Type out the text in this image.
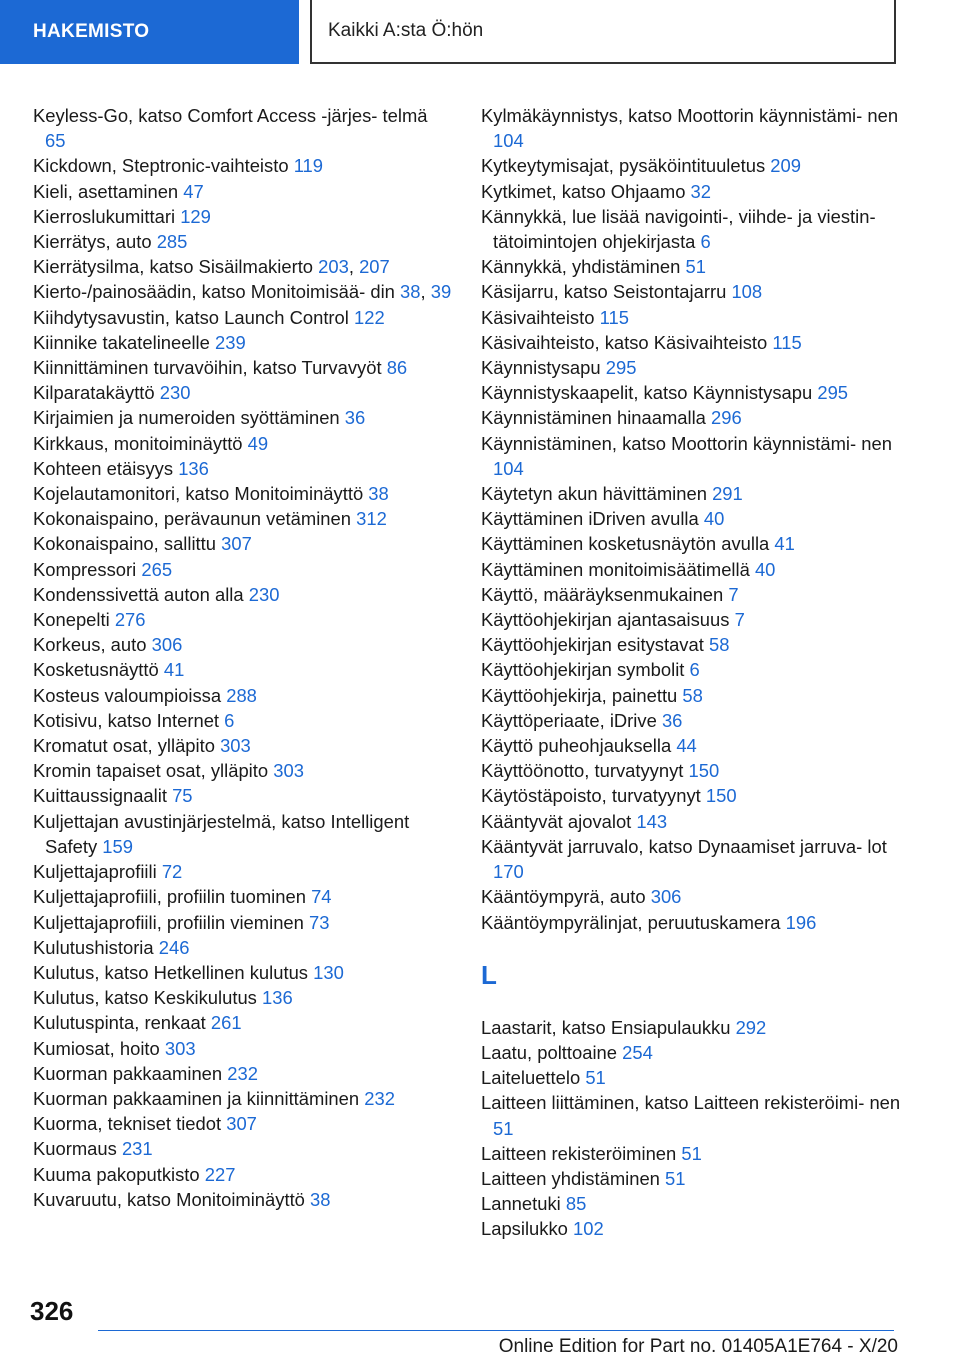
HAKEMISTO	Kaikki A:sta Ö:hön
Keyless-Go, katso Comfort Access -järjes- telmä 65
Kickdown, Steptronic-vaihteisto 119
Kieli, asettaminen 47
Kierroslukumittari 129
Kierrätys, auto 285
Kierrätysilma, katso Sisäilmakierto 203, 207
Kierto-/painosäädin, katso Monitoimisää- din 38, 39
Kiihdytysavustin, katso Launch Control 122
Kiinnike takatelineelle 239
Kiinnittäminen turvavöihin, katso Turvavyöt 86
Kilparatakäyttö 230
Kirjaimien ja numeroiden syöttäminen 36
Kirkkaus, monitoiminäyttö 49
Kohteen etäisyys 136
Kojelautamonitori, katso Monitoiminäyttö 38
Kokonaispaino, perävaunun vetäminen 312
Kokonaispaino, sallittu 307
Kompressori 265
Kondenssivettä auton alla 230
Konepelti 276
Korkeus, auto 306
Kosketusnäyttö 41
Kosteus valoumpioissa 288
Kotisivu, katso Internet 6
Kromatut osat, ylläpito 303
Kromin tapaiset osat, ylläpito 303
Kuittaussignaalit 75
Kuljettajan avustinjärjestelmä, katso Intelligent Safety 159
Kuljettajaprofiili 72
Kuljettajaprofiili, profiilin tuominen 74
Kuljettajaprofiili, profiilin vieminen 73
Kulutushistoria 246
Kulutus, katso Hetkellinen kulutus 130
Kulutus, katso Keskikulutus 136
Kulutuspinta, renkaat 261
Kumiosat, hoito 303
Kuorman pakkaaminen 232
Kuorman pakkaaminen ja kiinnittäminen 232
Kuorma, tekniset tiedot 307
Kuormaus 231
Kuuma pakoputkisto 227
Kuvaruutu, katso Monitoiminäyttö 38
Kylmäkäynnistys, katso Moottorin käynnistämi- nen 104
Kytkeytymisajat, pysäköintituuletus 209
Kytkimet, katso Ohjaamo 32
Kännykkä, lue lisää navigointi-, viihde- ja viestin- tätoimintojen ohjekirjasta 6
Kännykkä, yhdistäminen 51
Käsijarru, katso Seistontajarru 108
Käsivaihteisto 115
Käsivaihteisto, katso Käsivaihteisto 115
Käynnistysapu 295
Käynnistyskaapelit, katso Käynnistysapu 295
Käynnistäminen hinaamalla 296
Käynnistäminen, katso Moottorin käynnistämi- nen 104
Käytetyn akun hävittäminen 291
Käyttäminen iDriven avulla 40
Käyttäminen kosketusnäytön avulla 41
Käyttäminen monitoimisäätimellä 40
Käyttö, määräyksenmukainen 7
Käyttöohjekirjan ajantasaisuus 7
Käyttöohjekirjan esitystavat 58
Käyttöohjekirjan symbolit 6
Käyttöohjekirja, painettu 58
Käyttöperiaate, iDrive 36
Käyttö puheohjauksella 44
Käyttöönotto, turvatyynyt 150
Käytöstäpoisto, turvatyynyt 150
Kääntyvät ajovalot 143
Kääntyvät jarruvalo, katso Dynaamiset jarruva- lot 170
Kääntöympyrä, auto 306
Kääntöympyrälinjat, peruutuskamera 196
L
Laastarit, katso Ensiapulaukku 292
Laatu, polttoaine 254
Laiteluettelo 51
Laitteen liittäminen, katso Laitteen rekisteröimi- nen 51
Laitteen rekisteröiminen 51
Laitteen yhdistäminen 51
Lannetuki 85
Lapsilukko 102
326
Online Edition for Part no. 01405A1E764 - X/20
